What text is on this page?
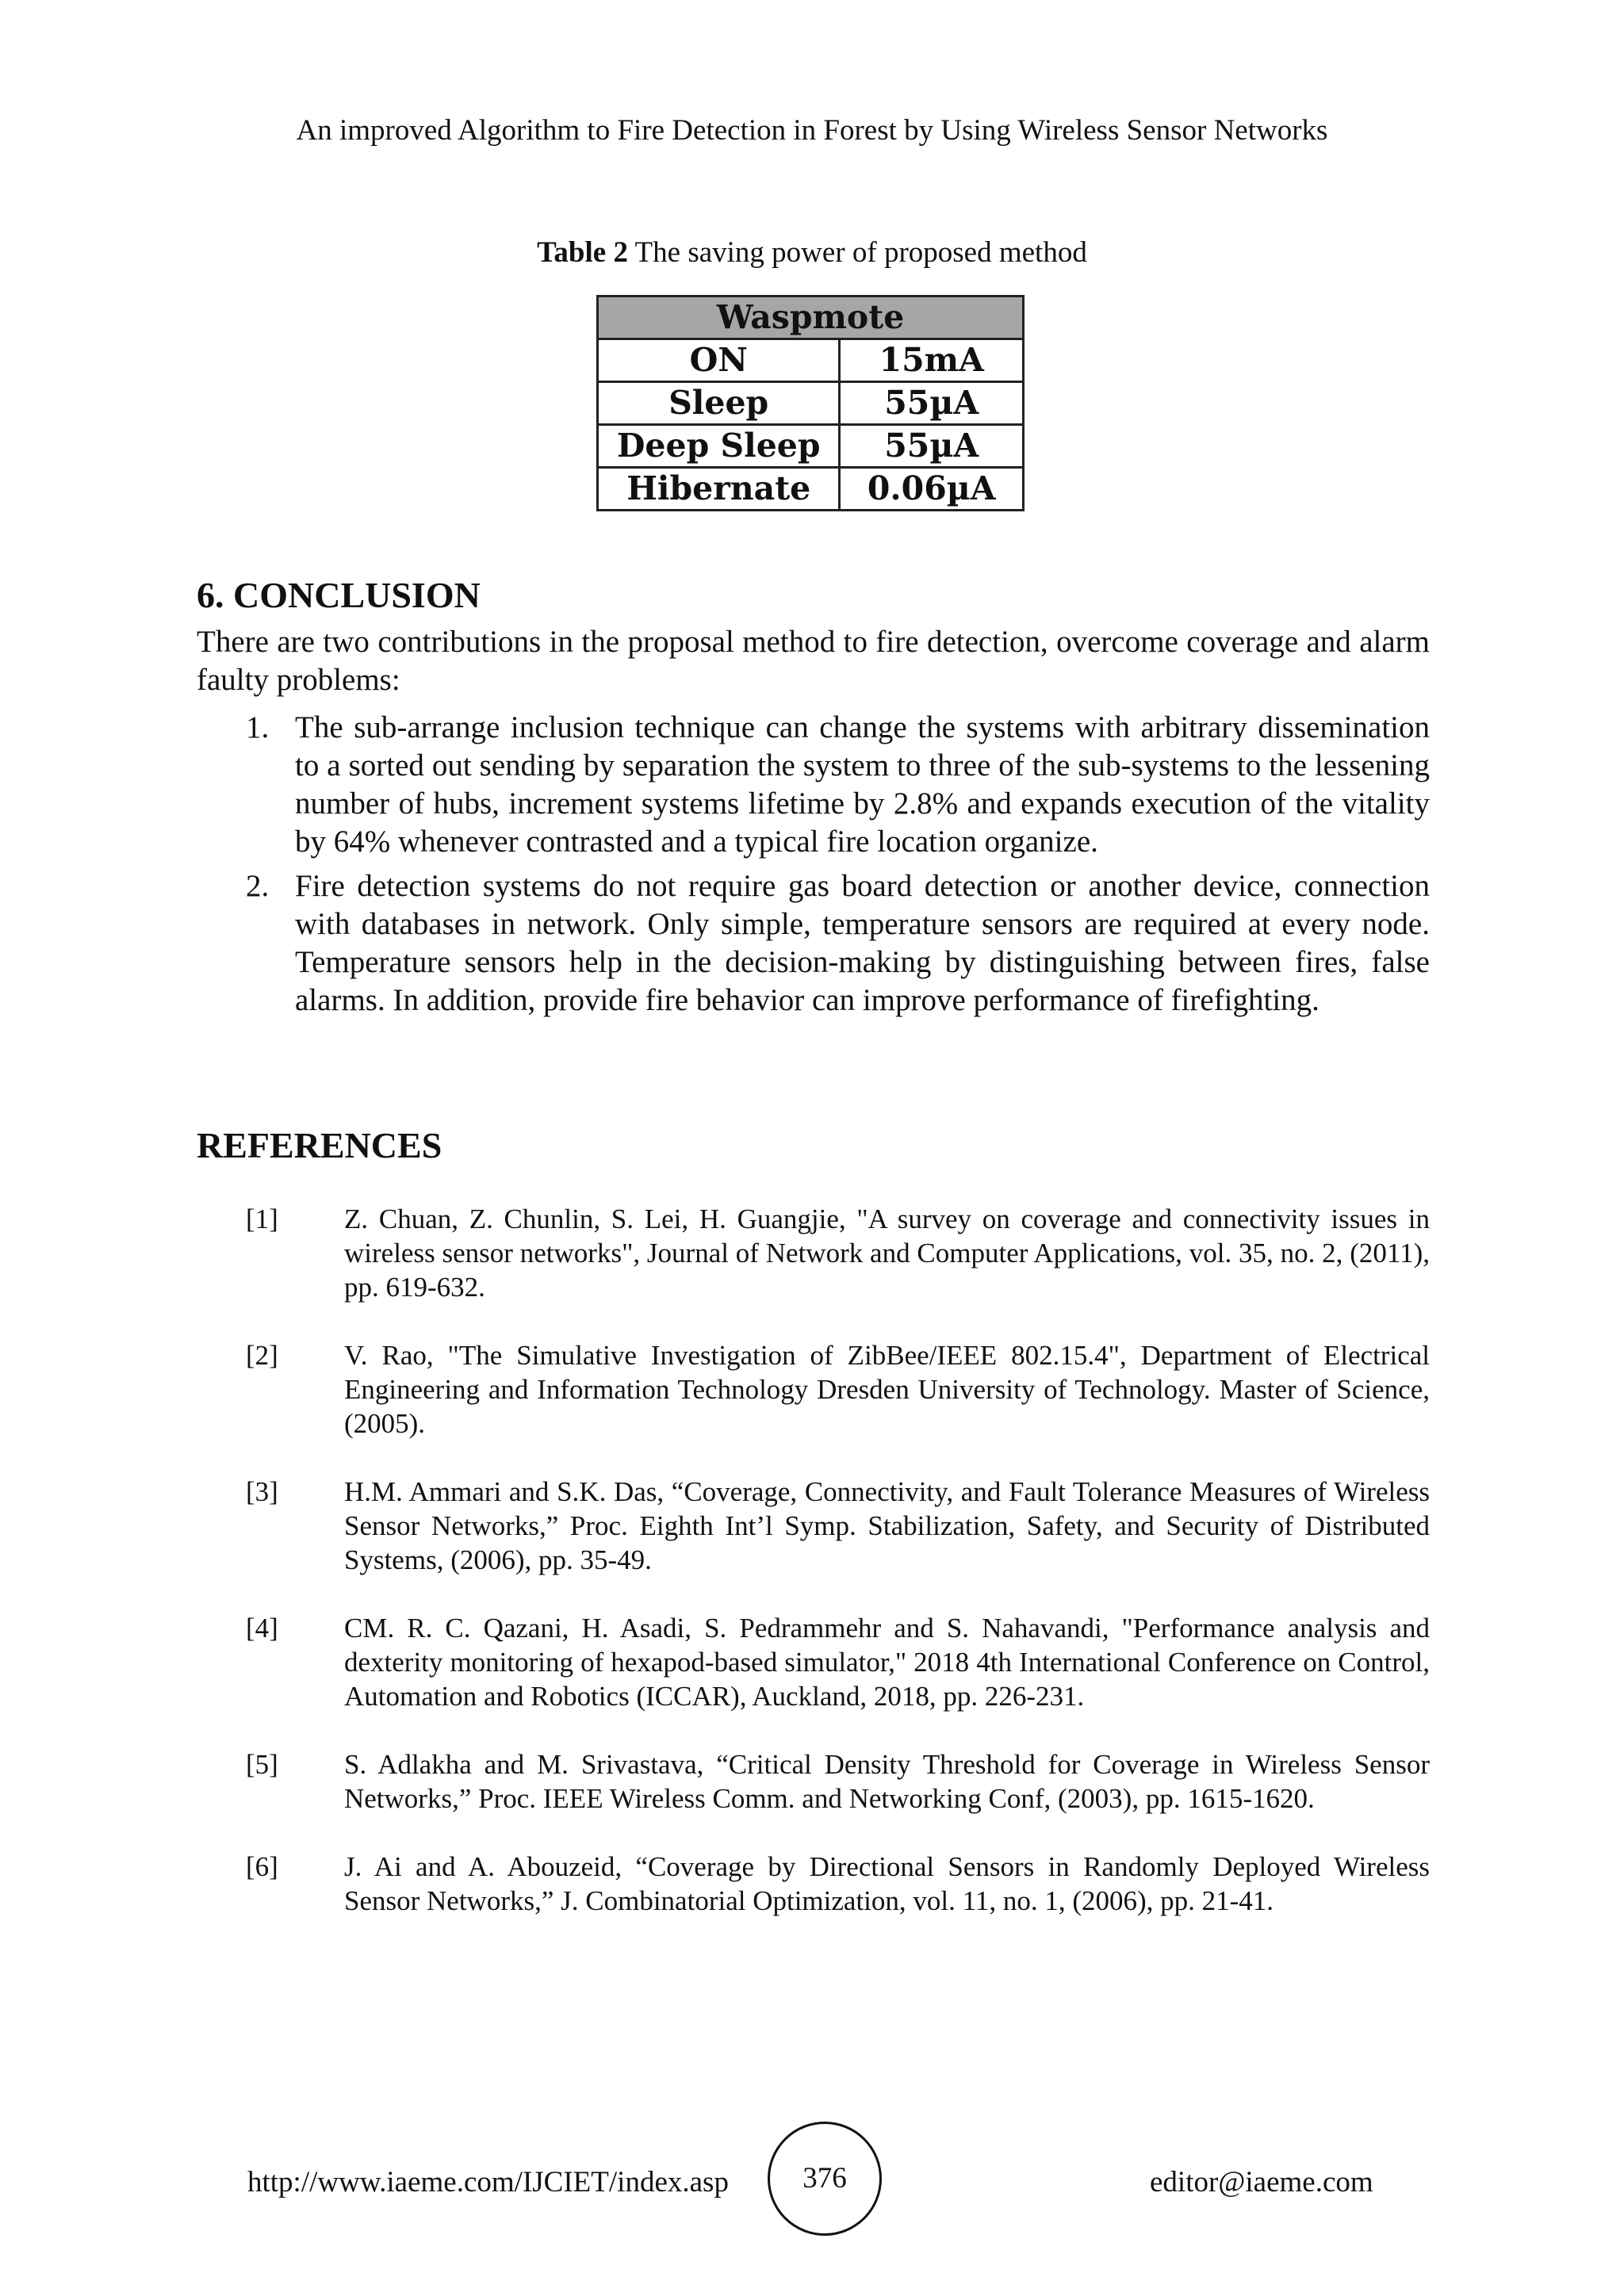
An improved Algorithm to Fire Detection in Forest by Using Wireless Sensor Networks
Table 2 The saving power of proposed method
Waspmote	
ON	15mA
Sleep	55µA
Deep Sleep	55µA
Hibernate	0.06µA
6. CONCLUSION

There are two contributions in the proposal method to fire detection, overcome coverage and alarm faulty problems:

1. The sub-arrange inclusion technique can change the systems with arbitrary dissemination to a sorted out sending by separation the system to three of the sub-systems to the lessening number of hubs, increment systems lifetime by 2.8% and expands execution of the vitality by 64% whenever contrasted and a typical fire location organize.
2. Fire detection systems do not require gas board detection or another device, connection with databases in network. Only simple, temperature sensors are required at every node. Temperature sensors help in the decision-making by distinguishing between fires, false alarms. In addition, provide fire behavior can improve performance of firefighting.
REFERENCES
[1] Z. Chuan, Z. Chunlin, S. Lei, H. Guangjie, "A survey on coverage and connectivity issues in wireless sensor networks", Journal of Network and Computer Applications, vol. 35, no. 2, (2011), pp. 619-632.
[2] V. Rao, "The Simulative Investigation of ZibBee/IEEE 802.15.4", Department of Electrical Engineering and Information Technology Dresden University of Technology. Master of Science, (2005).
[3] H.M. Ammari and S.K. Das, “Coverage, Connectivity, and Fault Tolerance Measures of Wireless Sensor Networks,” Proc. Eighth Int’l Symp. Stabilization, Safety, and Security of Distributed Systems, (2006), pp. 35-49.
[4] CM. R. C. Qazani, H. Asadi, S. Pedrammehr and S. Nahavandi, "Performance analysis and dexterity monitoring of hexapod-based simulator," 2018 4th International Conference on Control, Automation and Robotics (ICCAR), Auckland, 2018, pp. 226-231.
[5] S. Adlakha and M. Srivastava, “Critical Density Threshold for Coverage in Wireless Sensor Networks,” Proc. IEEE Wireless Comm. and Networking Conf, (2003), pp. 1615-1620.
[6] J. Ai and A. Abouzeid, “Coverage by Directional Sensors in Randomly Deployed Wireless Sensor Networks,” J. Combinatorial Optimization, vol. 11, no. 1, (2006), pp. 21-41.
http://www.iaeme.com/IJCIET/index.asp	376	editor@iaeme.com
